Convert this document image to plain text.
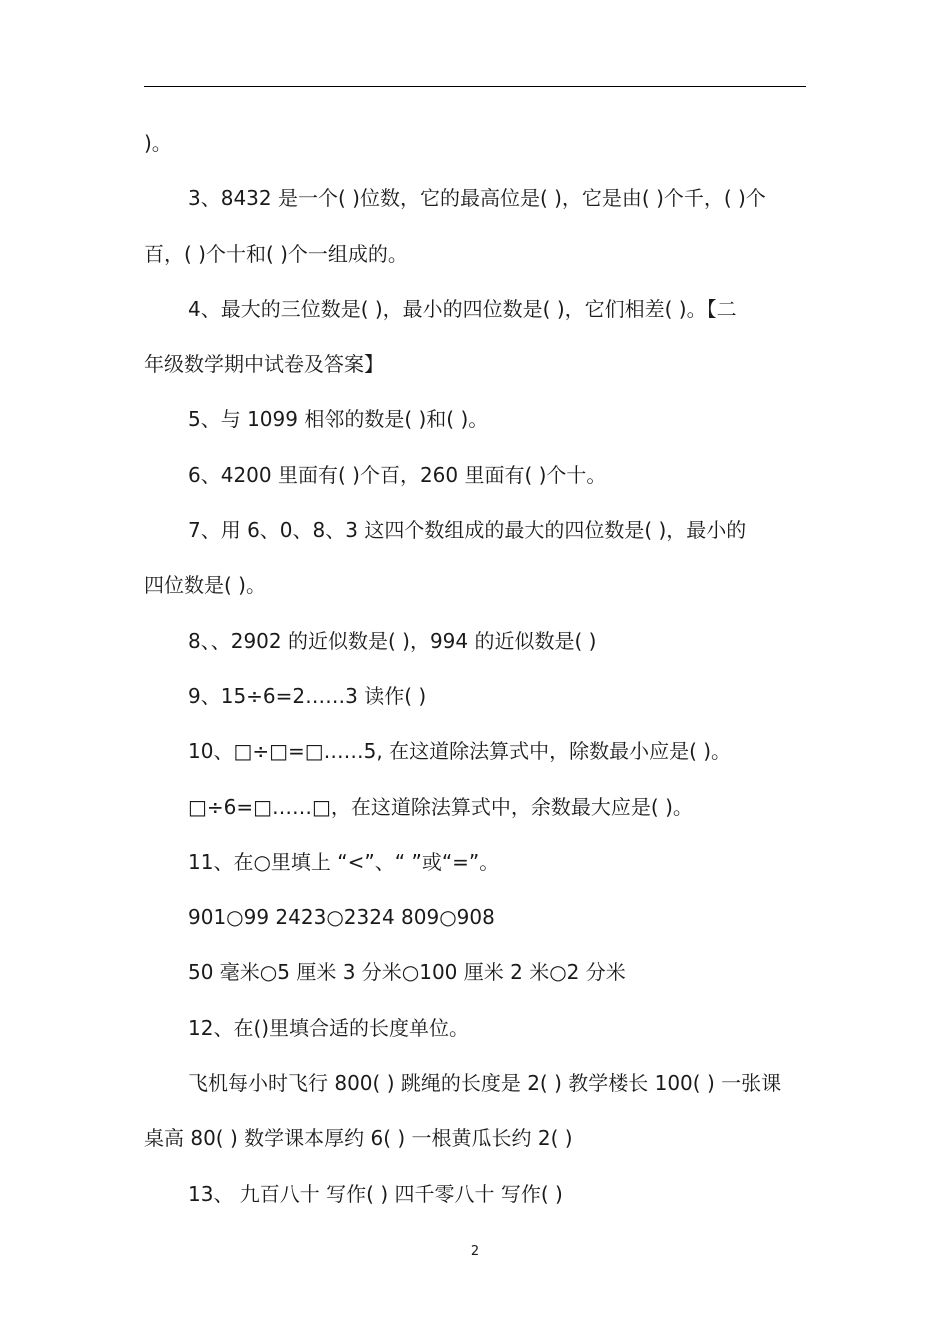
)。
3、8432 是一个( )位数，它的最高位是( )，它是由( )个千，( )个
百，( )个十和( )个一组成的。
4、最大的三位数是( )，最小的四位数是( )，它们相差( )。【二
年级数学期中试卷及答案】
5、与 1099 相邻的数是( )和( )。
6、4200 里面有( )个百，260 里面有( )个十。
7、用 6、0、8、3 这四个数组成的最大的四位数是( )，最小的
四位数是( )。
8、、2902 的近似数是( )，994 的近似数是( )
9、15÷6=2……3 读作( )
10、□÷□=□……5, 在这道除法算式中，除数最小应是( )。
□÷6=□……□，在这道除法算式中，余数最大应是( )。
11、在○里填上 “<”、“ ”或“=”。
901○99 2423○2324 809○908
50 毫米○5 厘米 3 分米○100 厘米 2 米○2 分米
12、在()里填合适的长度单位。
飞机每小时飞行 800( ) 跳绳的长度是 2( ) 教学楼长 100( ) 一张课
桌高 80( ) 数学课本厚约 6( ) 一根黄瓜长约 2( )
13、 九百八十 写作( ) 四千零八十 写作( )
2
